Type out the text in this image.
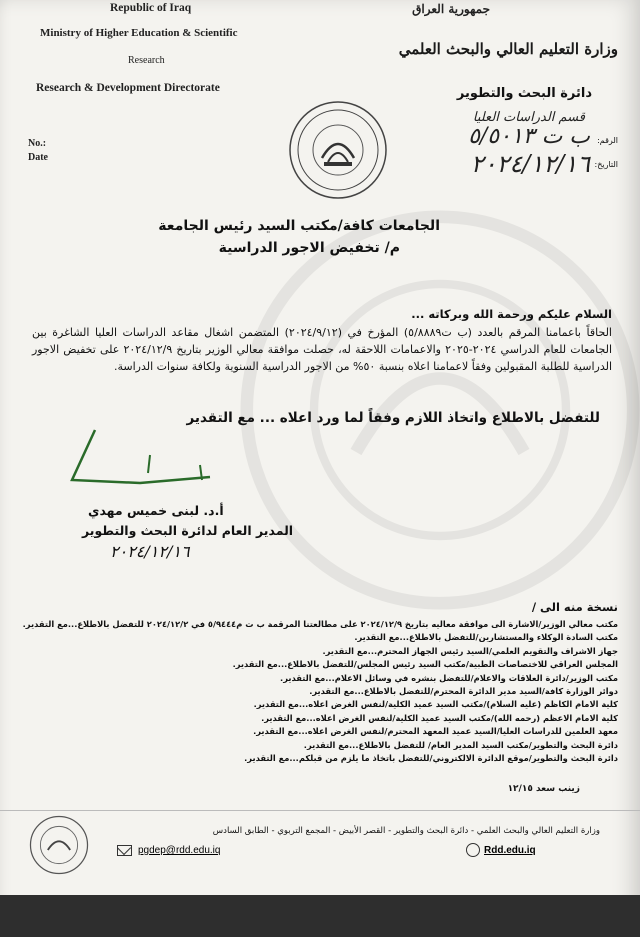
Republic of Iraq
Ministry of Higher Education & Scientific
Research
Research & Development Directorate
No.:
Date
جمهورية العراق
وزارة التعليم العالي والبحث العلمي
دائرة البحث والتطوير
قسم الدراسات العليا
الرقم:
ب ت ٥/٥٠١٣
التاريخ:
٢٠٢٤/١٢/١٦
الجامعات كافة/مكتب السيد رئيس الجامعة
م/ تخفيض الاجور الدراسية
السلام عليكم ورحمة الله وبركاته ...
الحاقاً باعمامنا المرقم بالعدد (ب ت٥/٨٨٨٩) المؤرخ في (٢٠٢٤/٩/١٢) المتضمن اشغال مقاعد الدراسات العليا الشاغرة بين الجامعات للعام الدراسي ٢٠٢٤-٢٠٢٥ والاعمامات اللاحقة له، حصلت موافقة معالي الوزير بتاريخ ٢٠٢٤/١٢/٩ على تخفيض الاجور الدراسية للطلبة المقبولين وفقاً لاعمامنا اعلاه بنسبة ٥٠% من الاجور الدراسية السنوية ولكافة سنوات الدراسة.
للتفضل بالاطلاع واتخاذ اللازم وفقاً لما ورد اعلاه ... مع التقدير
أ.د. لبنى خميس مهدي
المدير العام لدائرة البحث والتطوير
٢٠٢٤/١٢/١٦
نسخة منه الى /
مكتب معالي الوزير/الاشارة الى موافقة معاليه بتاريخ ٢٠٢٤/١٢/٩ على مطالعتنا المرقمة ب ت م٥/٩٤٤٤ في ٢٠٢٤/١٢/٢ للتفضل بالاطلاع...مع التقدير.
مكتب السادة الوكلاء والمستشارين/للتفضل بالاطلاع...مع التقدير.
جهاز الاشراف والتقويم العلمي/السيد رئيس الجهاز المحترم...مع التقدير.
المجلس العراقي للاختصاصات الطبية/مكتب السيد رئيس المجلس/للتفضل بالاطلاع...مع التقدير.
مكتب الوزير/دائرة العلاقات والاعلام/للتفضل بنشره في وسائل الاعلام...مع التقدير.
دوائر الوزارة كافة/السيد مدير الدائرة المحترم/للتفضل بالاطلاع...مع التقدير.
كلية الامام الكاظم (عليه السلام)/مكتب السيد عميد الكلية/لنفس الغرض اعلاه...مع التقدير.
كلية الامام الاعظم (رحمه الله)/مكتب السيد عميد الكلية/لنفس الغرض اعلاه...مع التقدير.
معهد العلمين للدراسات العليا/السيد عميد المعهد المحترم/لنفس الغرض اعلاه...مع التقدير.
دائرة البحث والتطوير/مكتب السيد المدير العام/ للتفضل بالاطلاع...مع التقدير.
دائرة البحث والتطوير/موقع الدائرة الالكتروني/للتفضل باتخاذ ما يلزم من قبلكم...مع التقدير.
زينب سعد ١٢/١٥
وزارة التعليم العالي والبحث العلمي - دائرة البحث والتطوير - القصر الأبيض - المجمع التربوي - الطابق السادس
pgdep@rdd.edu.iq	Rdd.edu.iq
